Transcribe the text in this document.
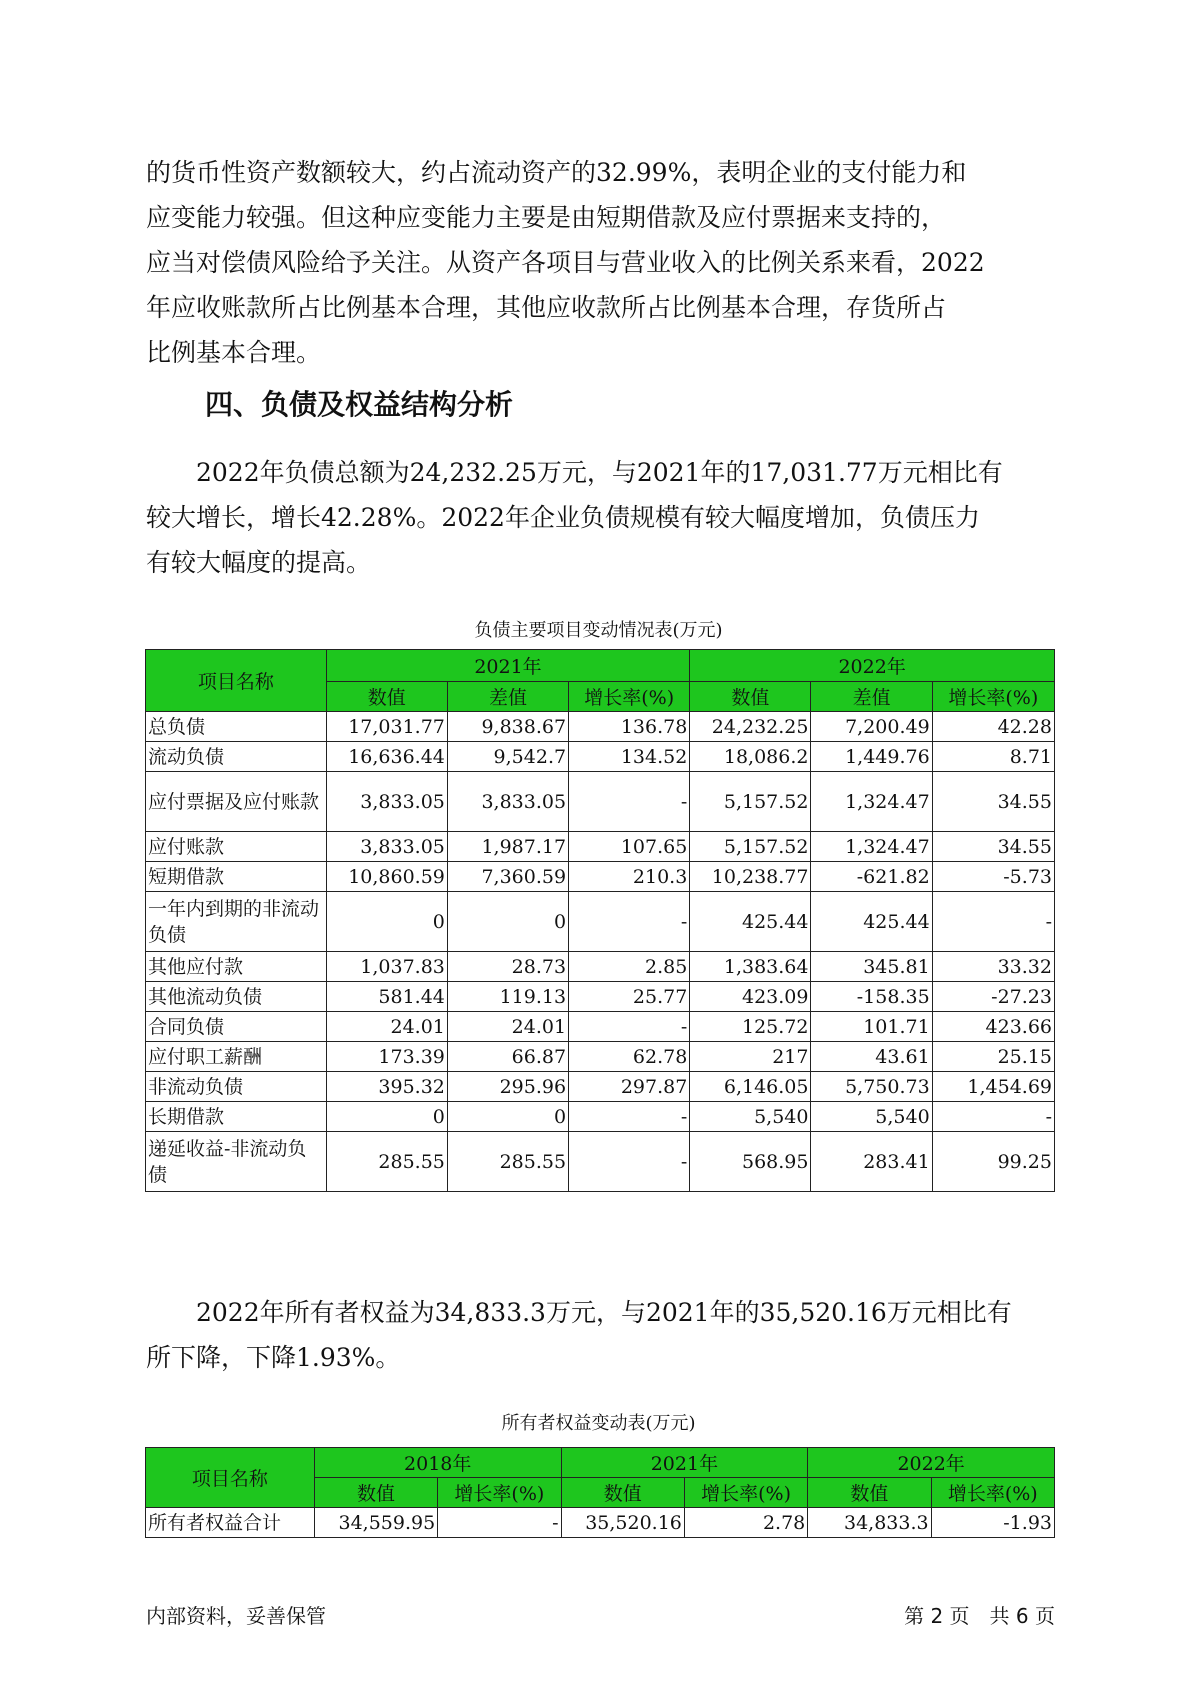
的货币性资产数额较大，约占流动资产的32.99%，表明企业的支付能力和
应变能力较强。但这种应变能力主要是由短期借款及应付票据来支持的，
应当对偿债风险给予关注。从资产各项目与营业收入的比例关系来看，2022
年应收账款所占比例基本合理，其他应收款所占比例基本合理，存货所占
比例基本合理。
四、负债及权益结构分析
　　2022年负债总额为24,232.25万元，与2021年的17,031.77万元相比有
较大增长，增长42.28%。2022年企业负债规模有较大幅度增加，负债压力
有较大幅度的提高。
负债主要项目变动情况表(万元)
项目名称	2021年			2022年		
	数值	差值	增长率(%)	数值	差值	增长率(%)
总负债	17,031.77	9,838.67	136.78	24,232.25	7,200.49	42.28
流动负债	16,636.44	9,542.7	134.52	18,086.2	1,449.76	8.71
应付票据及应付账款	3,833.05	3,833.05	-	5,157.52	1,324.47	34.55
应付账款	3,833.05	1,987.17	107.65	5,157.52	1,324.47	34.55
短期借款	10,860.59	7,360.59	210.3	10,238.77	-621.82	-5.73
一年内到期的非流动负债	0	0	-	425.44	425.44	-
其他应付款	1,037.83	28.73	2.85	1,383.64	345.81	33.32
其他流动负债	581.44	119.13	25.77	423.09	-158.35	-27.23
合同负债	24.01	24.01	-	125.72	101.71	423.66
应付职工薪酬	173.39	66.87	62.78	217	43.61	25.15
非流动负债	395.32	295.96	297.87	6,146.05	5,750.73	1,454.69
长期借款	0	0	-	5,540	5,540	-
递延收益-非流动负债	285.55	285.55	-	568.95	283.41	99.25
　　2022年所有者权益为34,833.3万元，与2021年的35,520.16万元相比有
所下降，下降1.93%。
所有者权益变动表(万元)
项目名称	2018年		2021年		2022年	
	数值	增长率(%)	数值	增长率(%)	数值	增长率(%)
所有者权益合计	34,559.95	-	35,520.16	2.78	34,833.3	-1.93
内部资料，妥善保管	第 2 页　共 6 页
